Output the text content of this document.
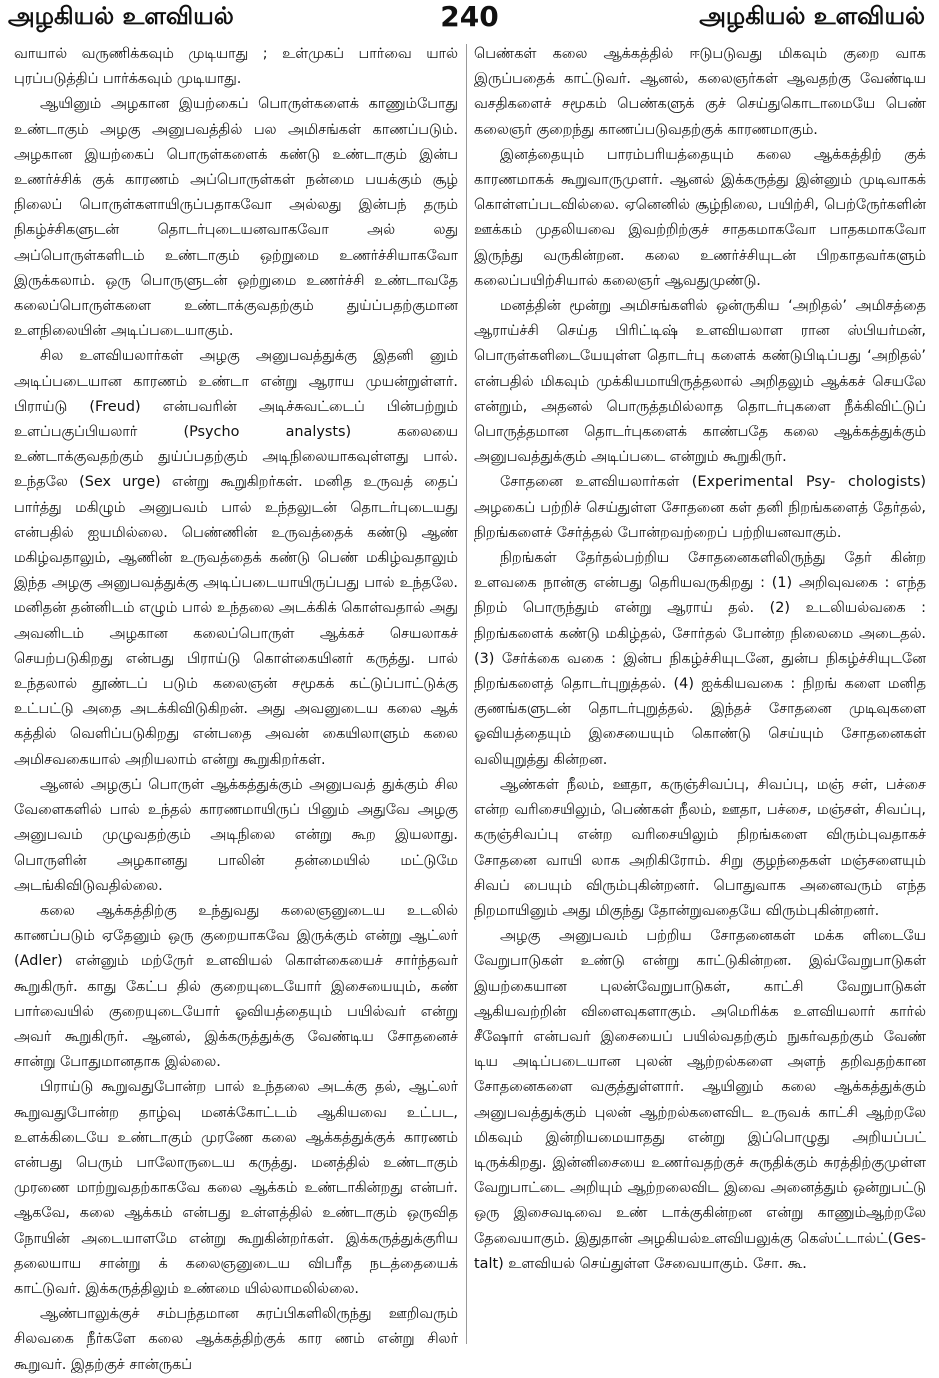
அழகியல் உளவியல்	240	அழகியல் உளவியல்

வாயால் வருணிக்கவும் முடியாது ; உள்முகப் பார்வை யால் புரப்படுத்திப் பார்க்கவும் முடியாது.

ஆயினும் அழகான இயற்கைப் பொருள்களைக் காணும்போது உண்டாகும் அழகு அனுபவத்தில் பல அமிசங்கள் காணப்படும். அழகான இயற்கைப் பொருள்களைக் கண்டு உண்டாகும் இன்ப உணர்ச்சிக் குக் காரணம் அப்பொருள்கள் நன்மை பயக்கும் சூழ் நிலைப் பொருள்களாயிருப்பதாகவோ அல்லது இன்பந் தரும் நிகழ்ச்சிகளுடன் தொடர்புடையனவாகவோ அல் லது அப்பொருள்களிடம் உண்டாகும் ஒற்றுமை உணர்ச்சியாகவோ இருக்கலாம். ஒரு பொருளுடன் ஒற்றுமை உணர்ச்சி உண்டாவதே கலைப்பொருள்களை உண்டாக்குவதற்கும் துய்ப்பதற்குமான உளநிலையின் அடிப்படையாகும்.

சில உளவியலார்கள் அழகு அனுபவத்துக்கு இதனி னும் அடிப்படையான காரணம் உண்டா என்று ஆராய முயன்றுள்ளர். பிராய்டு (Freud) என்பவரின் அடிச்சுவட்டைப் பின்பற்றும் உளப்பகுப்பியலார் (Psycho analysts) கலையை உண்டாக்குவதற்கும் துய்ப்பதற்கும் அடிநிலையாகவுள்ளது பால். உந்தலே (Sex urge) என்று கூறுகிறர்கள். மனித உருவத் தைப் பார்த்து மகிழும் அனுபவம் பால் உந்தலுடன் தொடர்புடையது என்பதில் ஐயமில்லை. பெண்ணின் உருவத்தைக் கண்டு ஆண் மகிழ்வதாலும், ஆணின் உருவத்தைக் கண்டு பெண் மகிழ்வதாலும் இந்த அழகு அனுபவத்துக்கு அடிப்படையாயிருப்பது பால் உந்தலே. மனிதன் தன்னிடம் எழும் பால் உந்தலை அடக்கிக் கொள்வதால் அது அவனிடம் அழகான கலைப்பொருள் ஆக்கச் செயலாகச் செயற்படுகிறது என்பது பிராய்டு கொள்கையினர் கருத்து. பால் உந்தலால் தூண்டப் படும் கலைஞன் சமூகக் கட்டுப்பாட்டுக்கு உட்பட்டு அதை அடக்கிவிடுகிறன். அது அவனுடைய கலை ஆக் கத்தில் வெளிப்படுகிறது என்பதை அவன் கையிலாளும் கலை அமிசவகையால் அறியலாம் என்று கூறுகிறர்கள்.

ஆனல் அழகுப் பொருள் ஆக்கத்துக்கும் அனுபவத் துக்கும் சில வேளைகளில் பால் உந்தல் காரணமாயிருப் பினும் அதுவே அழகு அனுபவம் முழுவதற்கும் அடிநிலை என்று கூற இயலாது. பொருளின் அழகானது பாலின் தன்மையில் மட்டுமே அடங்கிவிடுவதில்லை.

கலை ஆக்கத்திற்கு உந்துவது கலைஞனுடைய உடலில் காணப்படும் ஏதேனும் ஒரு குறையாகவே இருக்கும் என்று ஆட்லர் (Adler) என்னும் மற்ருேர் உளவியல் கொள்கையைச் சார்ந்தவர் கூறுகிருர். காது கேட்ப தில் குறையுடையோர் இசையையும், கண் பார்வையில் குறையுடையோர் ஓவியத்தையும் பயில்வர் என்று அவர் கூறுகிருர். ஆனல், இக்கருத்துக்கு வேண்டிய சோதனைச் சான்று போதுமானதாக இல்லை.

பிராய்டு கூறுவதுபோன்ற பால் உந்தலை அடக்கு தல், ஆட்லர் கூறுவதுபோன்ற தாழ்வு மனக்கோட்டம் ஆகியவை உட்பட, உளக்கிடையே உண்டாகும் முரணே கலை ஆக்கத்துக்குக் காரணம் என்பது பெரும் பாலோருடைய கருத்து. மனத்தில் உண்டாகும் முரணை மாற்றுவதற்காகவே கலை ஆக்கம் உண்டாகின்றது என்பர். ஆகவே, கலை ஆக்கம் என்பது உள்ளத்தில் உண்டாகும் ஒருவித நோயின் அடையாளமே என்று கூறுகின்றர்கள். இக்கருத்துக்குரிய தலையாய சான்று க் கலைஞனுடைய விபரீத நடத்தையைக் காட்டுவர். இக்கருத்திலும் உண்மை யில்லாமலில்லை.

ஆண்பாலுக்குச் சம்பந்தமான சுரப்பிகளிலிருந்து ஊறிவரும் சிலவகை நீர்களே கலை ஆக்கத்திற்குக் கார ணம் என்று சிலர் கூறுவர். இதற்குச் சான்ருகப்

பெண்கள் கலை ஆக்கத்தில் ஈடுபடுவது மிகவும் குறை வாக இருப்பதைக் காட்டுவர். ஆனல், கலைஞர்கள் ஆவதற்கு வேண்டிய வசதிகளைச் சமூகம் பெண்களுக் குச் செய்துகொடாமையே பெண் கலைஞர் குறைந்து காணப்படுவதற்குக் காரணமாகும்.

இனத்தையும் பாரம்பரியத்தையும் கலை ஆக்கத்திற் குக் காரணமாகக் கூறுவாருமுளர். ஆனல் இக்கருத்து இன்னும் முடிவாகக் கொள்ளப்படவில்லை. ஏனெனில் சூழ்நிலை, பயிற்சி, பெற்ருேர்களின் ஊக்கம் முதலியவை இவற்றிற்குச் சாதகமாகவோ பாதகமாகவோ இருந்து வருகின்றன. கலை உணர்ச்சியுடன் பிறகாதவர்களும் கலைப்பயிற்சியால் கலைஞர் ஆவதுமுண்டு.

மனத்தின் மூன்று அமிசங்களில் ஒன்ருகிய ‘அறிதல்’ அமிசத்தை ஆராய்ச்சி செய்த பிரிட்டிஷ் உளவியலாள ரான ஸ்பியர்மன், பொருள்களிடையேயுள்ள தொடர்பு களைக் கண்டுபிடிப்பது ‘அறிதல்’ என்பதில் மிகவும் முக்கியமாயிருத்தலால் அறிதலும் ஆக்கச் செயலே என்றும், அதனல் பொருத்தமில்லாத தொடர்புகளை நீக்கிவிட்டுப் பொருத்தமான தொடர்புகளைக் காண்பதே கலை ஆக்கத்துக்கும் அனுபவத்துக்கும் அடிப்படை என்றும் கூறுகிருர்.

சோதனை உளவியலார்கள் (Experimental Psy- chologists) அழகைப் பற்றிச் செய்துள்ள சோதனை கள் தனி நிறங்களைத் தேர்தல், நிறங்களைச் சேர்த்தல் போன்றவற்றைப் பற்றியனவாகும்.

நிறங்கள் தேர்தல்பற்றிய சோதனைகளிலிருந்து தேர் கின்ற உளவகை நான்கு என்பது தெரியவருகிறது : (1) அறிவுவகை : எந்த நிறம் பொருந்தும் என்று ஆராய் தல். (2) உடலியல்வகை : நிறங்களைக் கண்டு மகிழ்தல், சோர்தல் போன்ற நிலைமை அடைதல். (3) சேர்க்கை வகை : இன்ப நிகழ்ச்சியுடனே, துன்ப நிகழ்ச்சியுடனே நிறங்களைத் தொடர்புறுத்தல். (4) ஐக்கியவகை : நிறங் களை மனித குணங்களுடன் தொடர்புறுத்தல். இந்தச் சோதனை முடிவுகளை ஓவியத்தையும் இசையையும் கொண்டு செய்யும் சோதனைகள் வலியுறுத்து கின்றன.

ஆண்கள் நீலம், ஊதா, கருஞ்சிவப்பு, சிவப்பு, மஞ் சள், பச்சை என்ற வரிசையிலும், பெண்கள் நீலம், ஊதா, பச்சை, மஞ்சள், சிவப்பு, கருஞ்சிவப்பு என்ற வரிசையிலும் நிறங்களை விரும்புவதாகச் சோதனை வாயி லாக அறிகிரோம். சிறு குழந்தைகள் மஞ்சளையும் சிவப் பையும் விரும்புகின்றனர். பொதுவாக அனைவரும் எந்த நிறமாயினும் அது மிகுந்து தோன்றுவதையே விரும்புகின்றனர்.

அழகு அனுபவம் பற்றிய சோதனைகள் மக்க ளிடையே வேறுபாடுகள் உண்டு என்று காட்டுகின்றன. இவ்வேறுபாடுகள் இயற்கையான புலன்வேறுபாடுகள், காட்சி வேறுபாடுகள் ஆகியவற்றின் விளைவுகளாகும். அமெரிக்க உளவியலார் கார்ல் சீஷோர் என்பவர் இசையைப் பயில்வதற்கும் நுகர்வதற்கும் வேண் டிய அடிப்படையான புலன் ஆற்றல்களை அளந் தறிவதற்கான சோதனைகளை வகுத்துள்ளார். ஆயினும் கலை ஆக்கத்துக்கும் அனுபவத்துக்கும் புலன் ஆற்றல்களைவிட உருவக் காட்சி ஆற்றலே மிகவும் இன்றியமையாதது என்று இப்பொழுது அறியப்பட் டிருக்கிறது. இன்னிசையை உணர்வதற்குச் சுருதிக்கும் சுரத்திற்குமுள்ள வேறுபாட்டை அறியும் ஆற்றலைவிட இவை அனைத்தும் ஒன்றுபட்டு ஒரு இசைவடிவை உண் டாக்குகின்றன என்று காணும்ஆற்றலே தேவையாகும். இதுதான் அழகியல்உளவியலுக்கு கெஸ்ட்டால்ட்(Ges- talt) உளவியல் செய்துள்ள சேவையாகும். சோ. கூ.
